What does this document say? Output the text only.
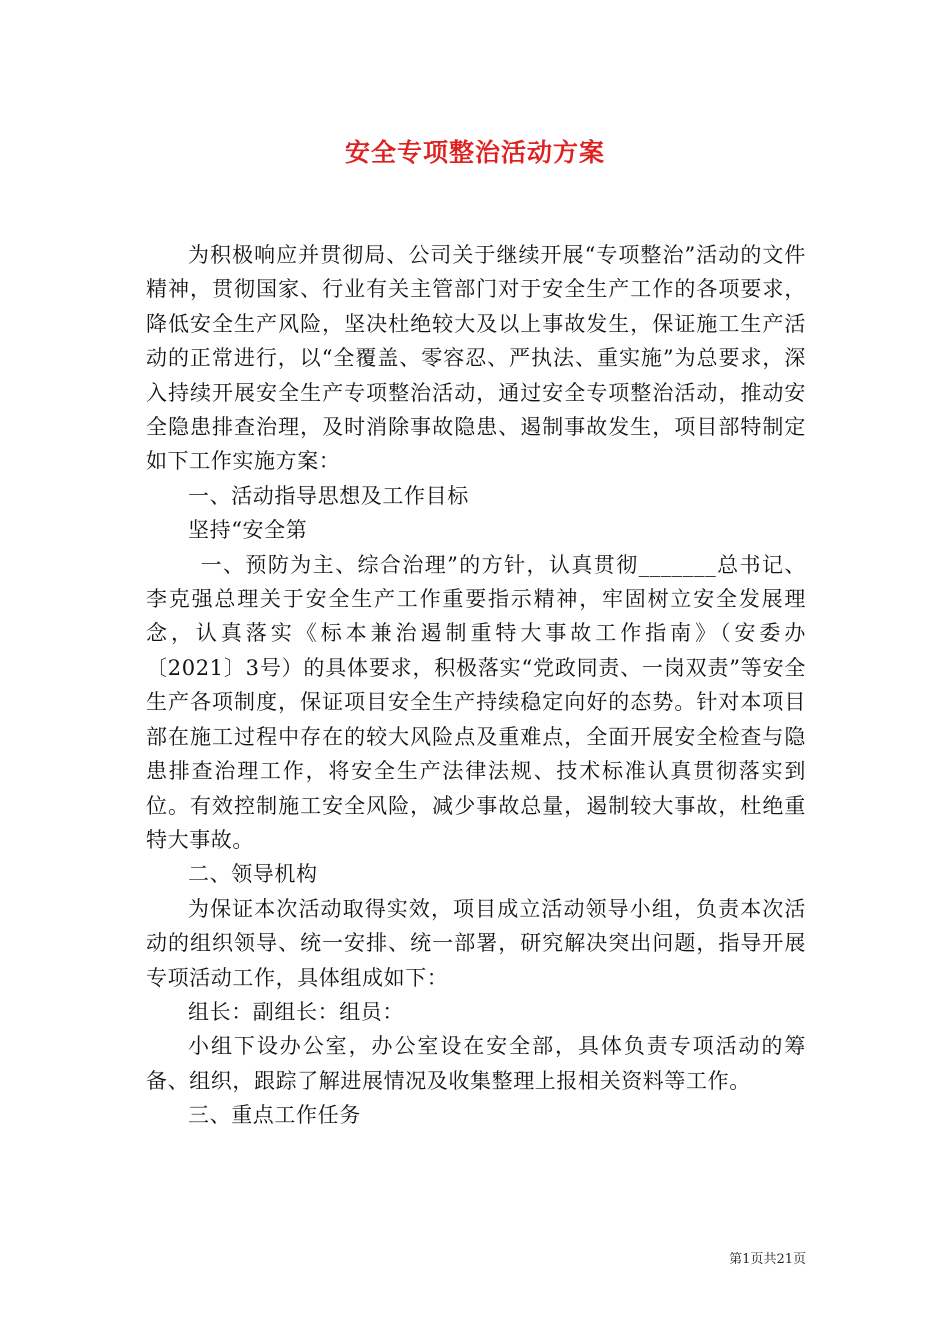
安全专项整治活动方案

为积极响应并贯彻局、公司关于继续开展“专项整治”活动的文件精神，贯彻国家、行业有关主管部门对于安全生产工作的各项要求，降低安全生产风险，坚决杜绝较大及以上事故发生，保证施工生产活动的正常进行，以“全覆盖、零容忍、严执法、重实施”为总要求，深入持续开展安全生产专项整治活动，通过安全专项整治活动，推动安全隐患排查治理，及时消除事故隐患、遏制事故发生，项目部特制定如下工作实施方案：

一、活动指导思想及工作目标

坚持“安全第

一、预防为主、综合治理”的方针，认真贯彻_______总书记、李克强总理关于安全生产工作重要指示精神，牢固树立安全发展理念，认真落实《标本兼治遏制重特大事故工作指南》（安委办〔2021〕3号）的具体要求，积极落实“党政同责、一岗双责”等安全生产各项制度，保证项目安全生产持续稳定向好的态势。针对本项目部在施工过程中存在的较大风险点及重难点，全面开展安全检查与隐患排查治理工作，将安全生产法律法规、技术标准认真贯彻落实到位。有效控制施工安全风险，减少事故总量，遏制较大事故，杜绝重特大事故。

二、领导机构

为保证本次活动取得实效，项目成立活动领导小组，负责本次活动的组织领导、统一安排、统一部署，研究解决突出问题，指导开展专项活动工作，具体组成如下：

组长：副组长：组员：

小组下设办公室，办公室设在安全部，具体负责专项活动的筹备、组织，跟踪了解进展情况及收集整理上报相关资料等工作。

三、重点工作任务

第1页共21页
